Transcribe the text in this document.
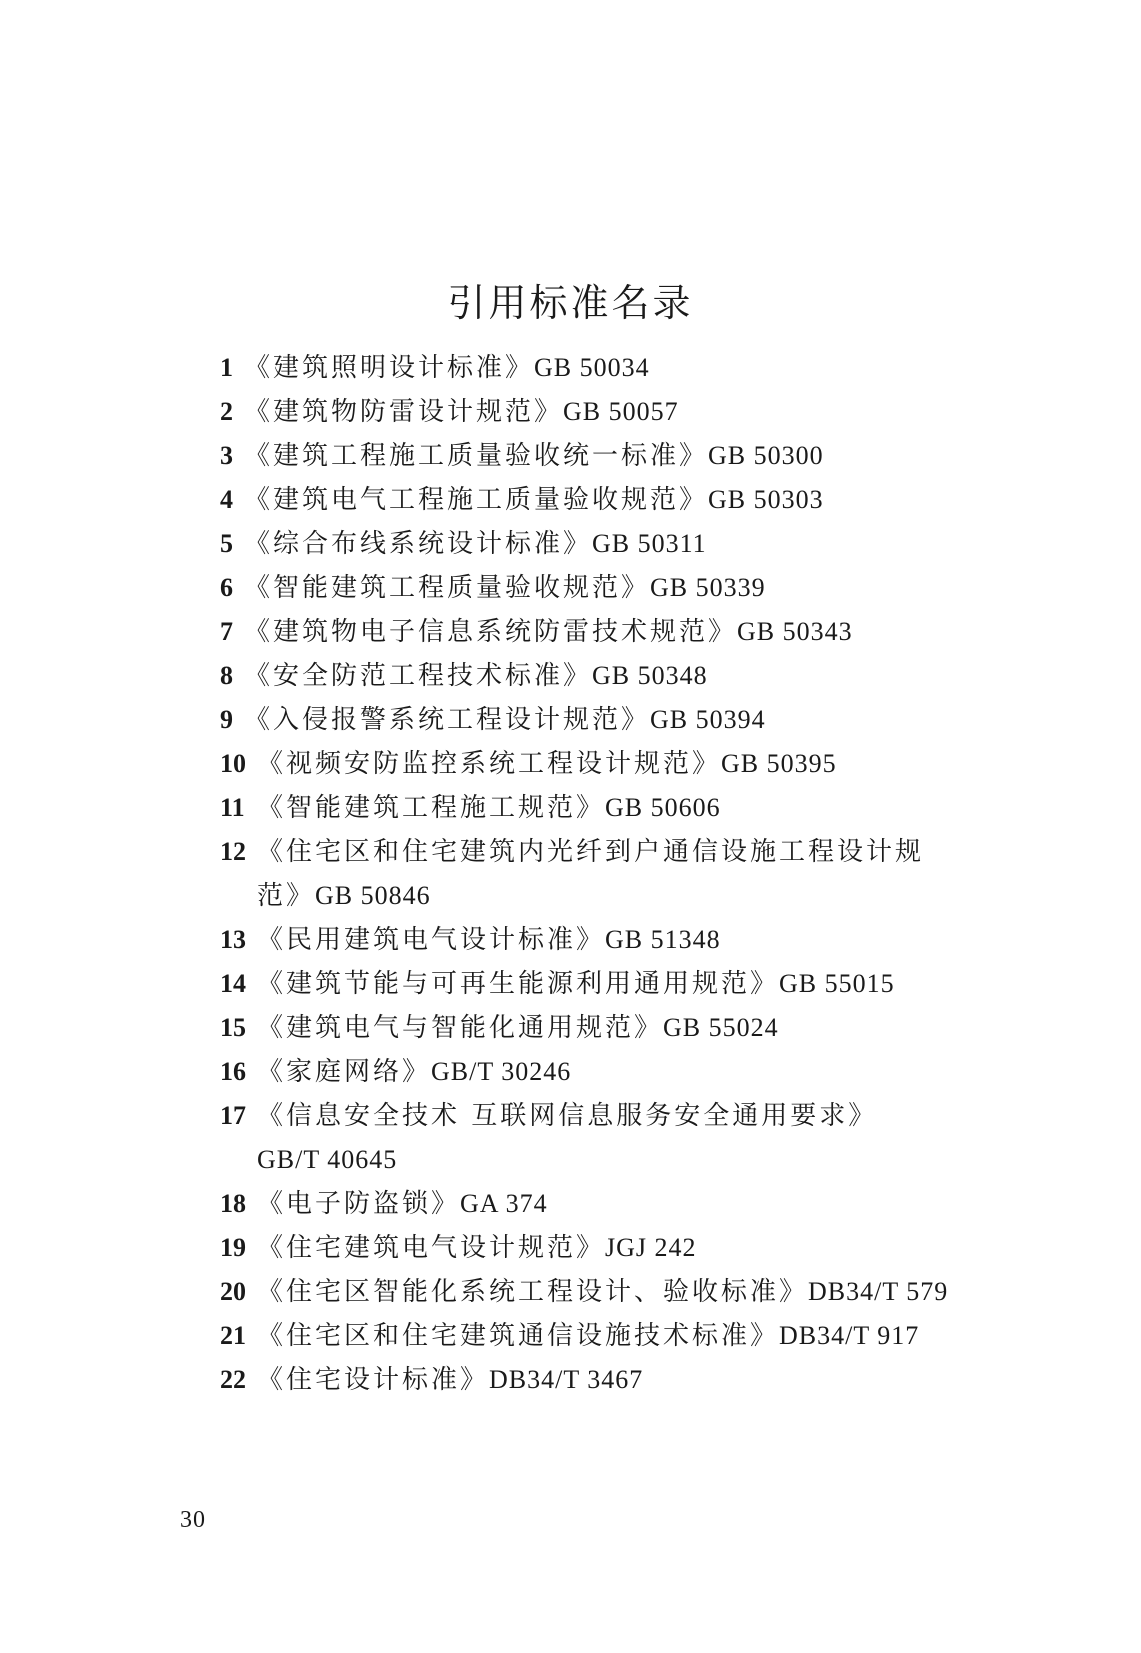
引用标准名录
1 《建筑照明设计标准》GB 50034
2 《建筑物防雷设计规范》GB 50057
3 《建筑工程施工质量验收统一标准》GB 50300
4 《建筑电气工程施工质量验收规范》GB 50303
5 《综合布线系统设计标准》GB 50311
6 《智能建筑工程质量验收规范》GB 50339
7 《建筑物电子信息系统防雷技术规范》GB 50343
8 《安全防范工程技术标准》GB 50348
9 《入侵报警系统工程设计规范》GB 50394
10 《视频安防监控系统工程设计规范》GB 50395
11 《智能建筑工程施工规范》GB 50606
12 《住宅区和住宅建筑内光纤到户通信设施工程设计规
范》GB 50846
13 《民用建筑电气设计标准》GB 51348
14 《建筑节能与可再生能源利用通用规范》GB 55015
15 《建筑电气与智能化通用规范》GB 55024
16 《家庭网络》GB/T 30246
17 《信息安全技术 互联网信息服务安全通用要求》
GB/T 40645
18 《电子防盗锁》GA 374
19 《住宅建筑电气设计规范》JGJ 242
20 《住宅区智能化系统工程设计、验收标准》DB34/T 579
21 《住宅区和住宅建筑通信设施技术标准》DB34/T 917
22 《住宅设计标准》DB34/T 3467
30
